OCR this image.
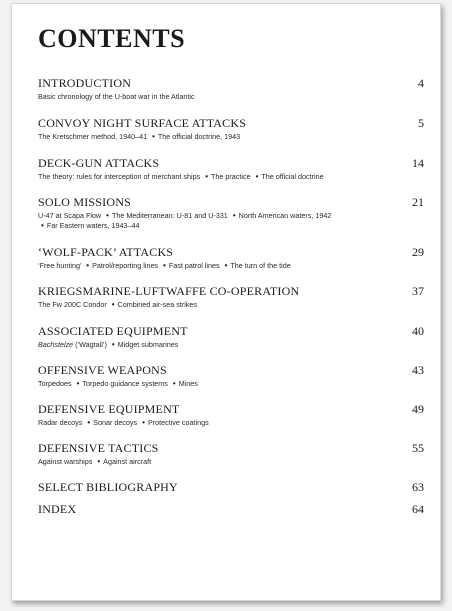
CONTENTS
INTRODUCTION	4
Basic chronology of the U-boat war in the Atlantic
CONVOY NIGHT SURFACE ATTACKS	5
The Kretschmer method, 1940–41 • The official doctrine, 1943
DECK-GUN ATTACKS	14
The theory: rules for interception of merchant ships • The practice • The official doctrine
SOLO MISSIONS	21
U-47 at Scapa Flow • The Mediterranean: U-81 and U-331 • North American waters, 1942 • Far Eastern waters, 1943–44
‘WOLF-PACK’ ATTACKS	29
‘Free hunting’ • Patrol/reporting lines • Fast patrol lines • The turn of the tide
KRIEGSMARINE-LUFTWAFFE CO-OPERATION	37
The Fw 200C Condor • Combined air-sea strikes
ASSOCIATED EQUIPMENT	40
Bachstelze (‘Wagtail’) • Midget submarines
OFFENSIVE WEAPONS	43
Torpedoes • Torpedo guidance systems • Mines
DEFENSIVE EQUIPMENT	49
Radar decoys • Sonar decoys • Protective coatings
DEFENSIVE TACTICS	55
Against warships • Against aircraft
SELECT BIBLIOGRAPHY	63
INDEX	64
